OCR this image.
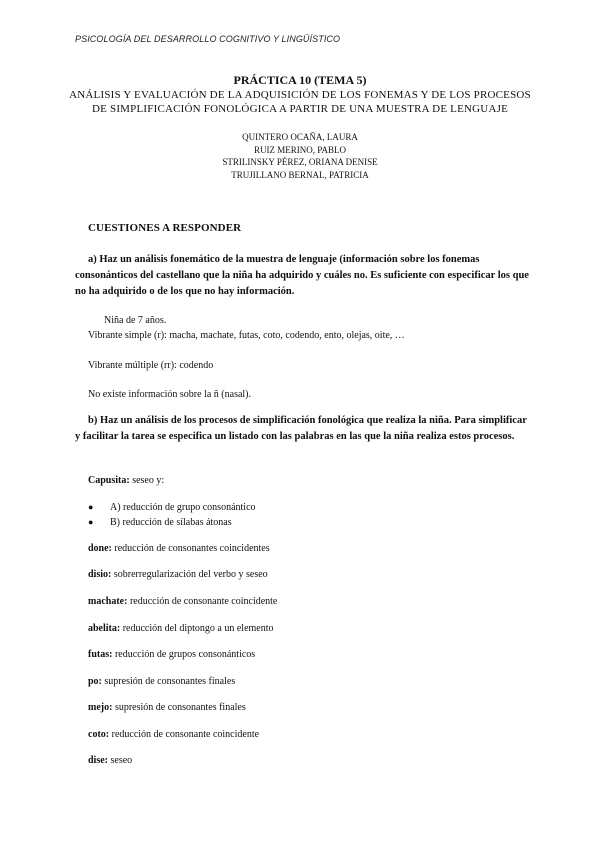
PSICOLOGÍA DEL DESARROLLO COGNITIVO Y LINGÜÍSTICO
PRÁCTICA 10 (TEMA 5)
ANÁLISIS Y EVALUACIÓN DE LA ADQUISICIÓN DE LOS FONEMAS Y DE LOS PROCESOS
DE SIMPLIFICACIÓN FONOLÓGICA A PARTIR DE UNA MUESTRA DE LENGUAJE
QUINTERO OCAÑA, LAURA
RUIZ MERINO, PABLO
STRILINSKY PÉREZ, ORIANA DENISE
TRUJILLANO BERNAL, PATRICIA
CUESTIONES A RESPONDER
a) Haz un análisis fonemático de la muestra de lenguaje (información sobre los fonemas consonánticos del castellano que la niña ha adquirido y cuáles no. Es suficiente con especificar los que no ha adquirido o de los que no hay información.
Niña de 7 años.
Vibrante simple (r): macha, machate, futas, coto, codendo, ento, olejas, oite, …
Vibrante múltiple (rr): codendo
No existe información sobre la ñ (nasal).
b) Haz un análisis de los procesos de simplificación fonológica que realiza la niña. Para simplificar y facilitar la tarea se especifica un listado con las palabras en las que la niña realiza estos procesos.
Capusita: seseo y:
● A) reducción de grupo consonántico
● B) reducción de sílabas átonas
done: reducción de consonantes coincidentes
disio: sobrerregularización del verbo y seseo
machate: reducción de consonante coincidente
abelita: reducción del diptongo a un elemento
futas: reducción de grupos consonánticos
po: supresión de consonantes finales
mejo: supresión de consonantes finales
coto: reducción de consonante coincidente
dise: seseo
